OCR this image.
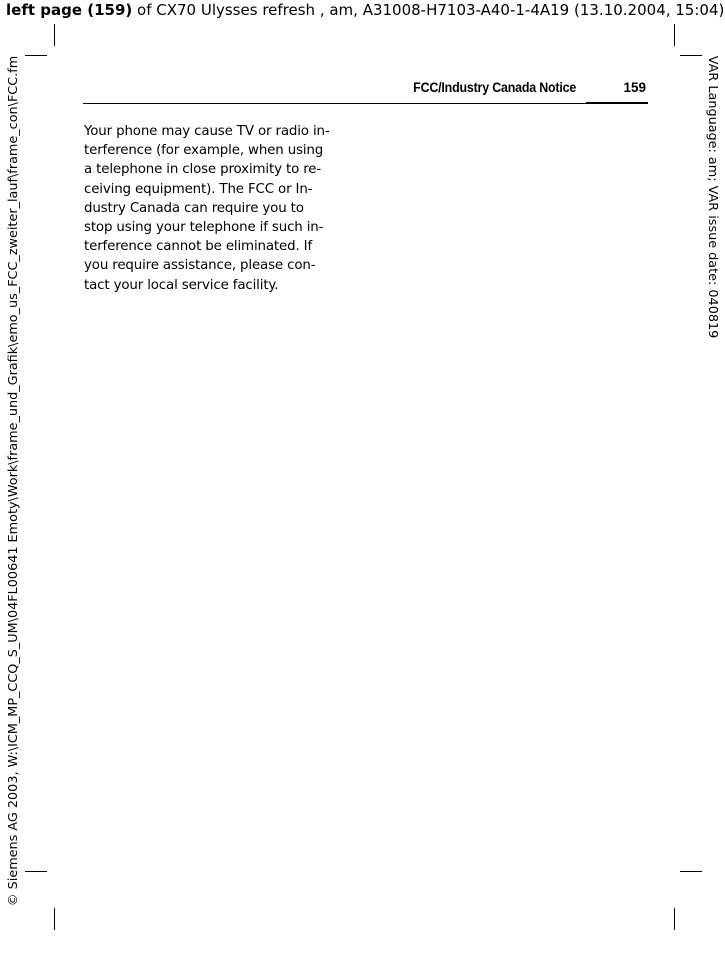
left page (159) of CX70 Ulysses refresh , am, A31008-H7103-A40-1-4A19 (13.10.2004, 15:04)
© Siemens AG 2003, W:\ICM_MP_CCQ_S_UM\04FL00641 Emoty\Work\frame_und_Grafik\emo_us_FCC_zweiter_lauf\frame_con\FCC.fm	VAR Language: am; VAR issue date: 040819
FCC/Industry Canada Notice	159
Your phone may cause TV or radio in-
terference (for example, when using
a telephone in close proximity to re-
ceiving equipment). The FCC or In-
dustry Canada can require you to
stop using your telephone if such in-
terference cannot be eliminated. If
you require assistance, please con-
tact your local service facility.
